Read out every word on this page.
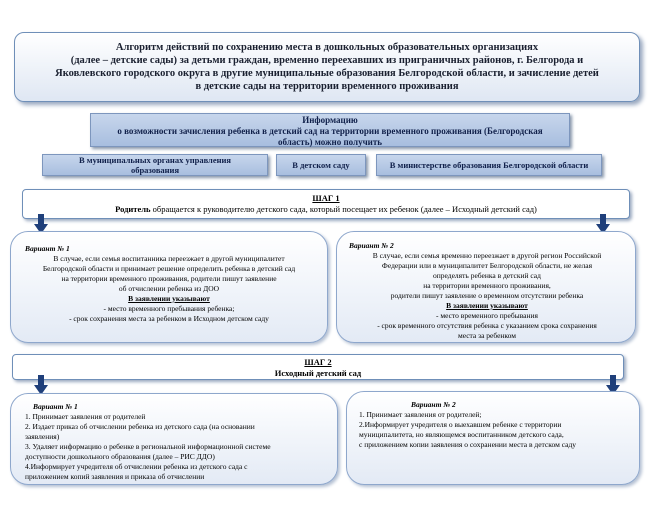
Алгоритм действий по сохранению места в дошкольных образовательных организациях
(далее – детские сады) за детьми граждан, временно переехавших из приграничных районов, г. Белгорода и
Яковлевского городского округа в другие муниципальные образования Белгородской области, и зачисление детей
в детские сады на территории временного проживания
Информацию
о возможности зачисления ребенка в детский сад на территории временного проживания (Белгородская
область) можно получить
В муниципальных органах управления образования	В детском саду	В министерстве образования Белгородской области
ШАГ 1
Родитель обращается к руководителю детского сада, который посещает их ребенок (далее – Исходный детский сад)
Вариант № 1
В случае, если семья воспитанника переезжает в другой муниципалитет
Белгородской области и принимает решение определить ребенка в детский сад
на территории временного проживания, родители пишут заявление
об отчислении ребенка из ДОО
В заявлении указывают
- место временного пребывания ребенка;
- срок сохранения места за ребенком в Исходном детском саду
Вариант № 2
В случае, если семья временно переезжает в другой регион Российской
Федерации или в муниципалитет Белгородской области, не желая
определять ребенка в детский сад
на территории временного проживания,
родители пишут заявление о временном отсутствии ребенка
В заявлении указывают
- место временного пребывания
- срок временного отсутствия ребенка с указанием срока сохранения
места за ребенком
ШАГ 2
Исходный детский сад
Вариант № 1
1. Принимает заявления от родителей
2. Издает приказ об отчислении ребенка из детского сада (на основании
заявления)
3. Удаляет информацию о ребенке в региональной информационной системе
доступности дошкольного образования (далее – РИС ДДО)
4.Информирует учредителя об отчислении ребенка из детского сада с
приложением копий заявления и приказа об отчислении
Вариант № 2
1. Принимает заявления от родителей;
2.Информирует учредителя о выехавшем ребенке с территории
муниципалитета, но являющемся воспитанником детского сада,
с приложением копии заявления о сохранении места в детском саду
